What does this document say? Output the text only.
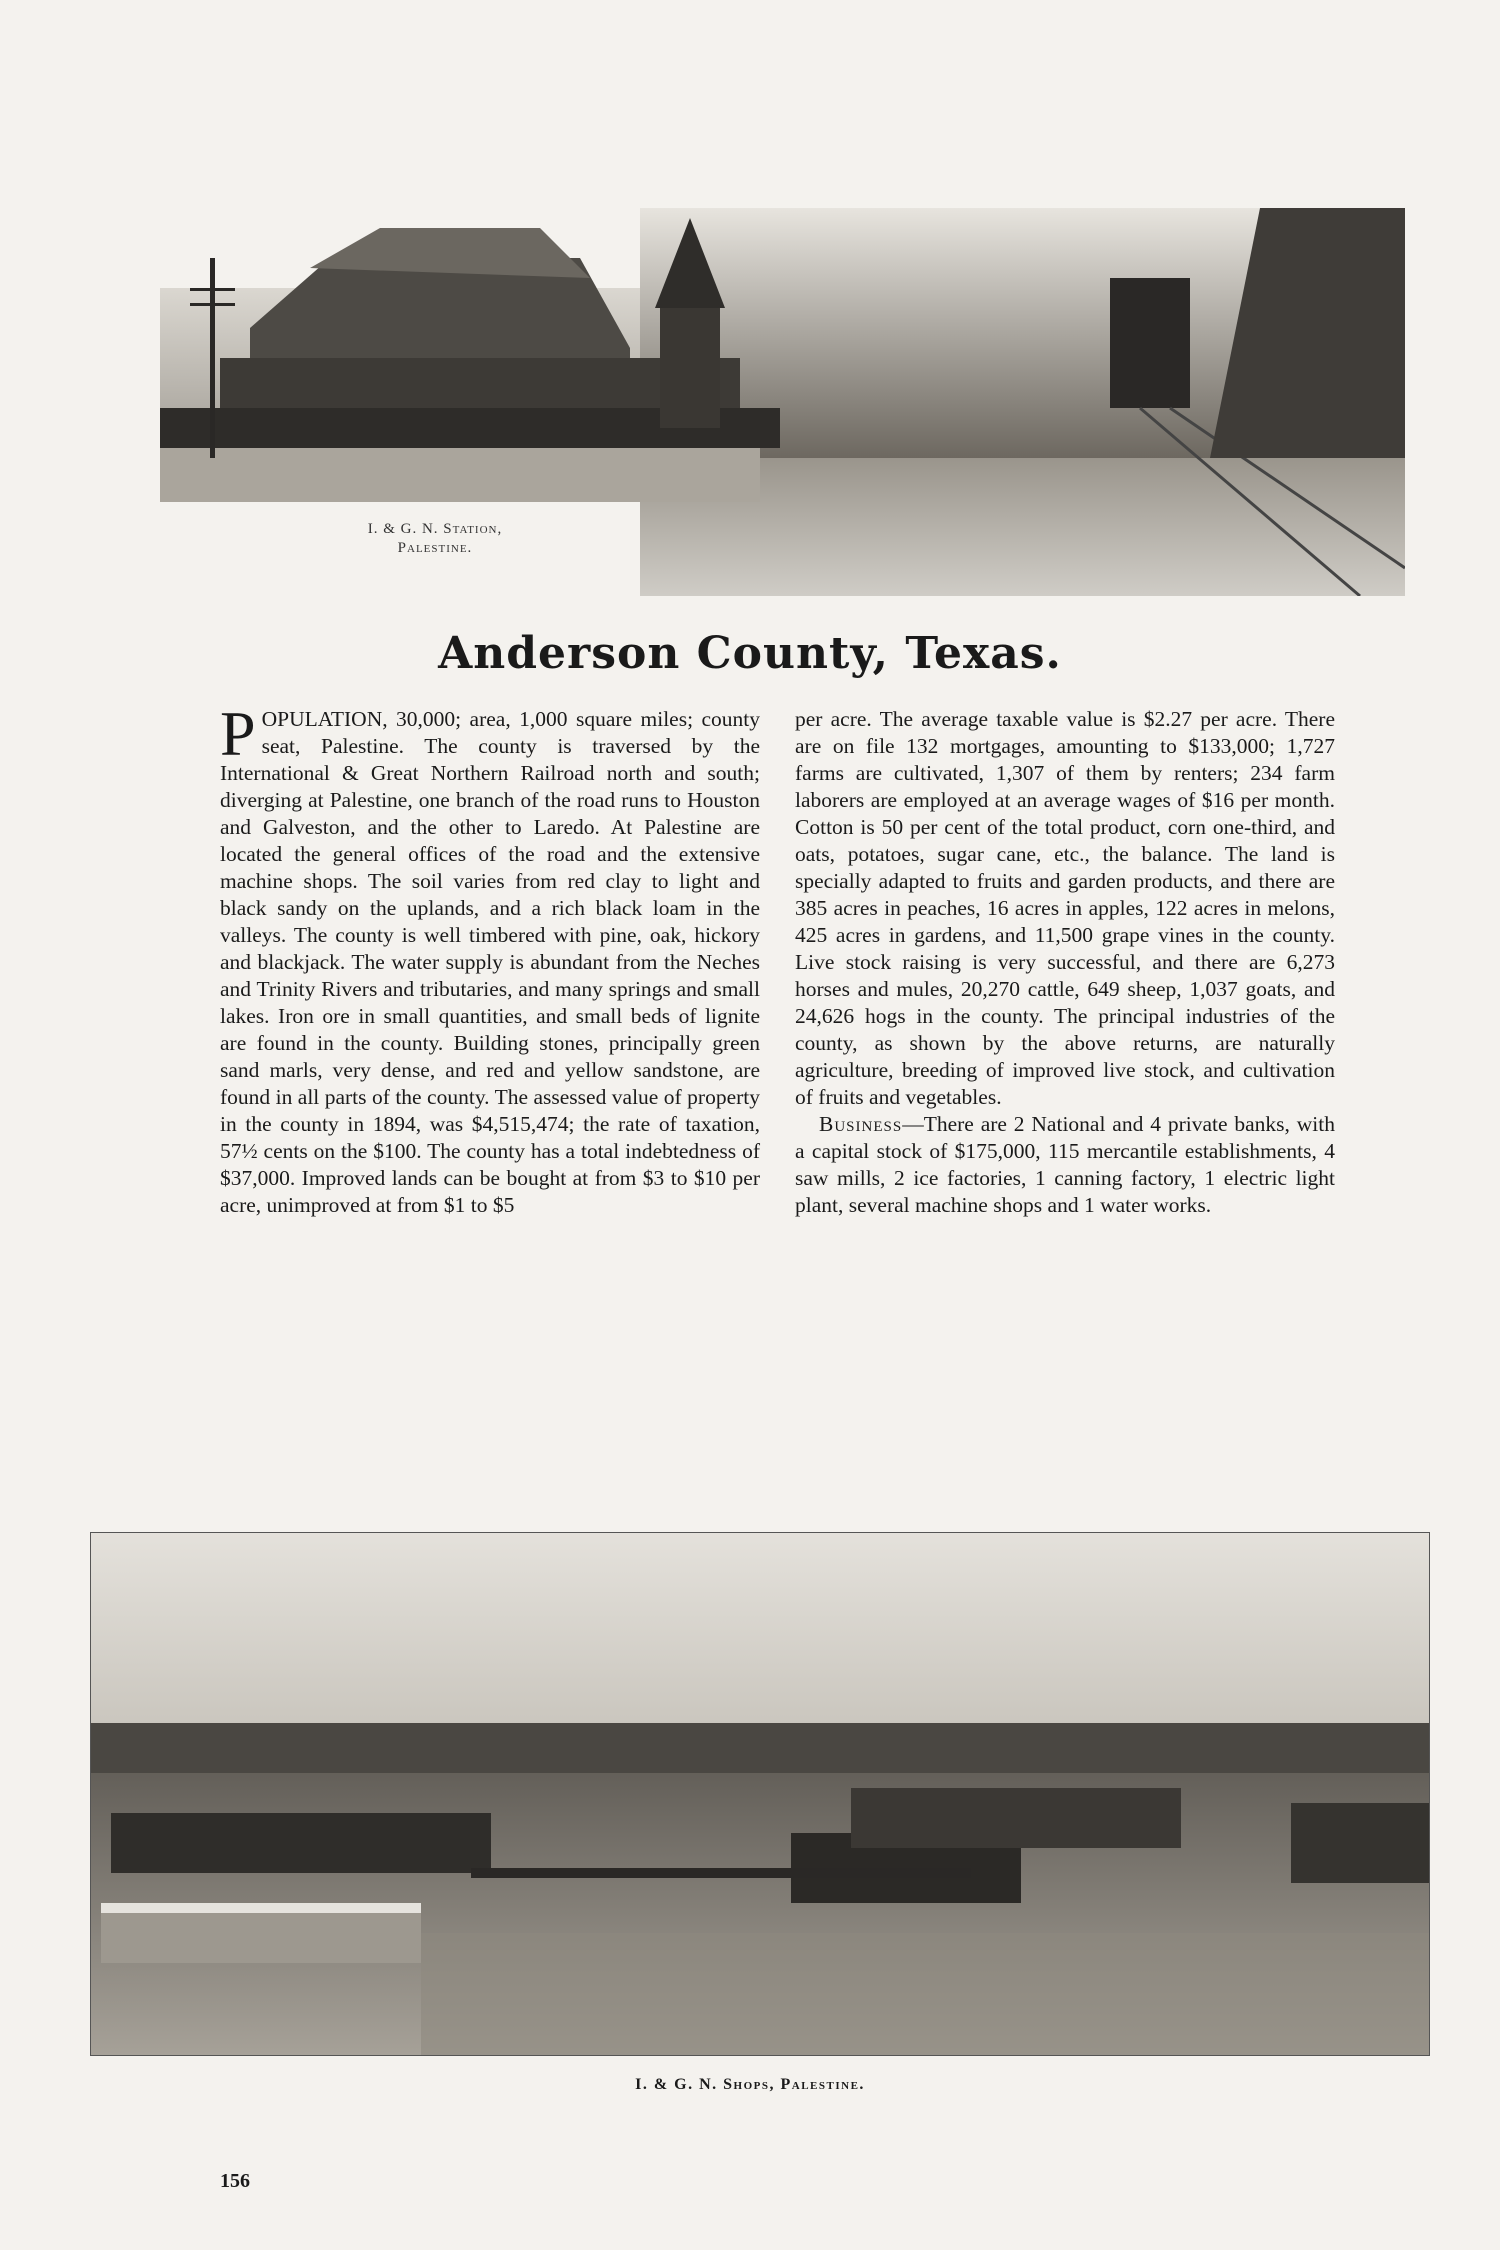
I. & G. N. Station,
Palestine.
Anderson County, Texas.
P OPULATION, 30,000; area, 1,000 square miles; county seat, Palestine. The county is traversed by the International & Great Northern Railroad north and south; diverging at Palestine, one branch of the road runs to Houston and Galveston, and the other to Laredo. At Palestine are located the general offices of the road and the extensive machine shops. The soil varies from red clay to light and black sandy on the uplands, and a rich black loam in the valleys. The county is well timbered with pine, oak, hickory and blackjack. The water supply is abundant from the Neches and Trinity Rivers and tributaries, and many springs and small lakes. Iron ore in small quantities, and small beds of lignite are found in the county. Building stones, principally green sand marls, very dense, and red and yellow sandstone, are found in all parts of the county. The assessed value of property in the county in 1894, was $4,515,474; the rate of taxation, 57½ cents on the $100. The county has a total indebtedness of $37,000. Improved lands can be bought at from $3 to $10 per acre, unimproved at from $1 to $5

per acre. The average taxable value is $2.27 per acre. There are on file 132 mortgages, amounting to $133,000; 1,727 farms are cultivated, 1,307 of them by renters; 234 farm laborers are employed at an average wages of $16 per month. Cotton is 50 per cent of the total product, corn one-third, and oats, potatoes, sugar cane, etc., the balance. The land is specially adapted to fruits and garden products, and there are 385 acres in peaches, 16 acres in apples, 122 acres in melons, 425 acres in gardens, and 11,500 grape vines in the county. Live stock raising is very successful, and there are 6,273 horses and mules, 20,270 cattle, 649 sheep, 1,037 goats, and 24,626 hogs in the county. The principal industries of the county, as shown by the above returns, are naturally agriculture, breeding of improved live stock, and cultivation of fruits and vegetables.

Business—There are 2 National and 4 private banks, with a capital stock of $175,000, 115 mercantile establishments, 4 saw mills, 2 ice factories, 1 canning factory, 1 electric light plant, several machine shops and 1 water works.

I. & G. N. Shops, Palestine.
156
